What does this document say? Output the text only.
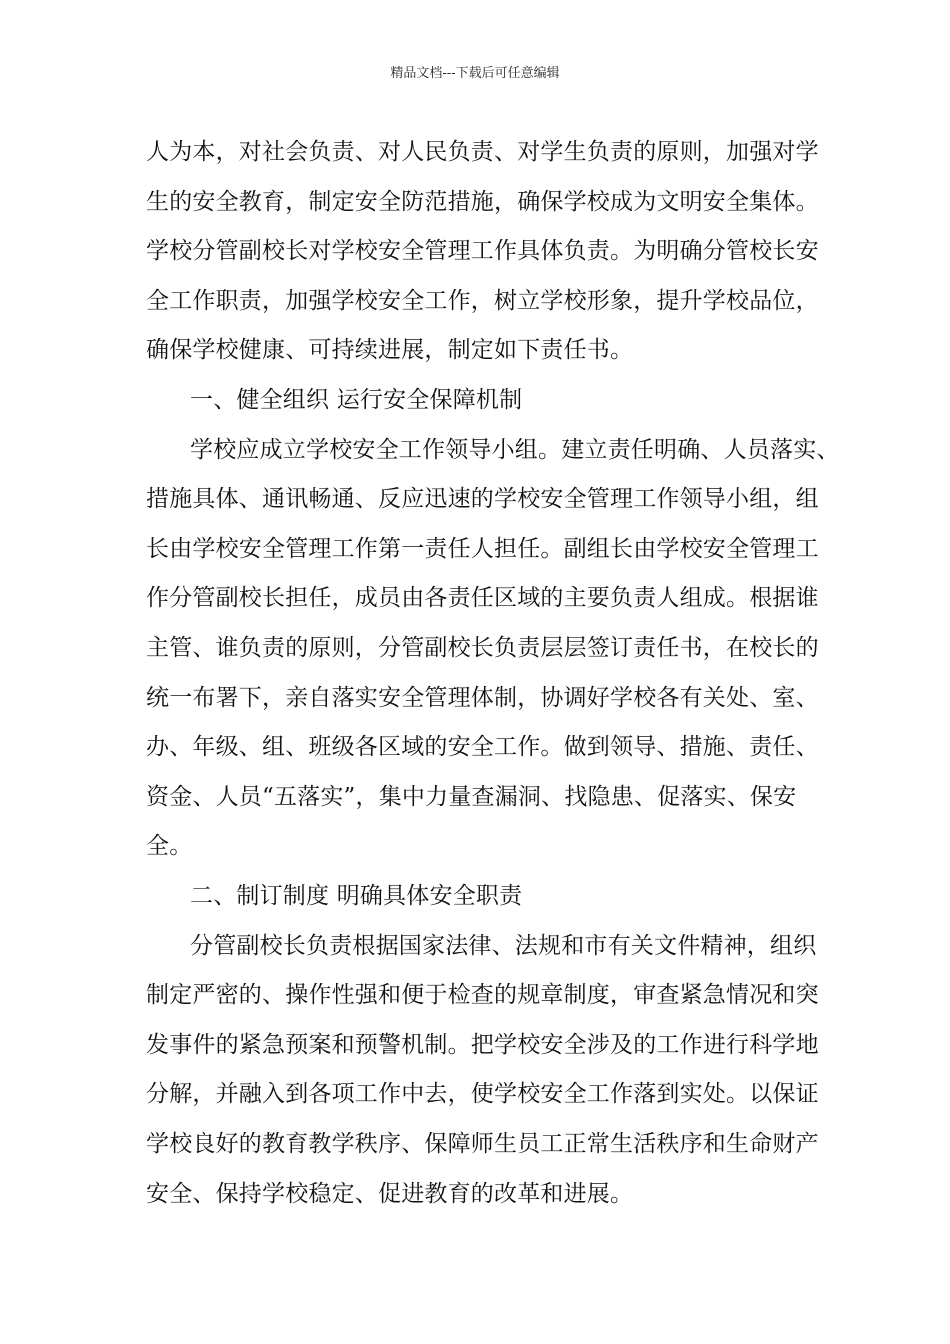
精品文档---下载后可任意编辑
人为本，对社会负责、对人民负责、对学生负责的原则，加强对学
生的安全教育，制定安全防范措施，确保学校成为文明安全集体。
学校分管副校长对学校安全管理工作具体负责。为明确分管校长安
全工作职责，加强学校安全工作，树立学校形象，提升学校品位，
确保学校健康、可持续进展，制定如下责任书。
一、健全组织 运行安全保障机制
学校应成立学校安全工作领导小组。建立责任明确、人员落实、
措施具体、通讯畅通、反应迅速的学校安全管理工作领导小组，组
长由学校安全管理工作第一责任人担任。副组长由学校安全管理工
作分管副校长担任，成员由各责任区域的主要负责人组成。根据谁
主管、谁负责的原则，分管副校长负责层层签订责任书，在校长的
统一布署下，亲自落实安全管理体制，协调好学校各有关处、室、
办、年级、组、班级各区域的安全工作。做到领导、措施、责任、
资金、人员“五落实”，集中力量查漏洞、找隐患、促落实、保安
全。
二、制订制度 明确具体安全职责
分管副校长负责根据国家法律、法规和市有关文件精神，组织
制定严密的、操作性强和便于检查的规章制度，审查紧急情况和突
发事件的紧急预案和预警机制。把学校安全涉及的工作进行科学地
分解，并融入到各项工作中去，使学校安全工作落到实处。以保证
学校良好的教育教学秩序、保障师生员工正常生活秩序和生命财产
安全、保持学校稳定、促进教育的改革和进展。
